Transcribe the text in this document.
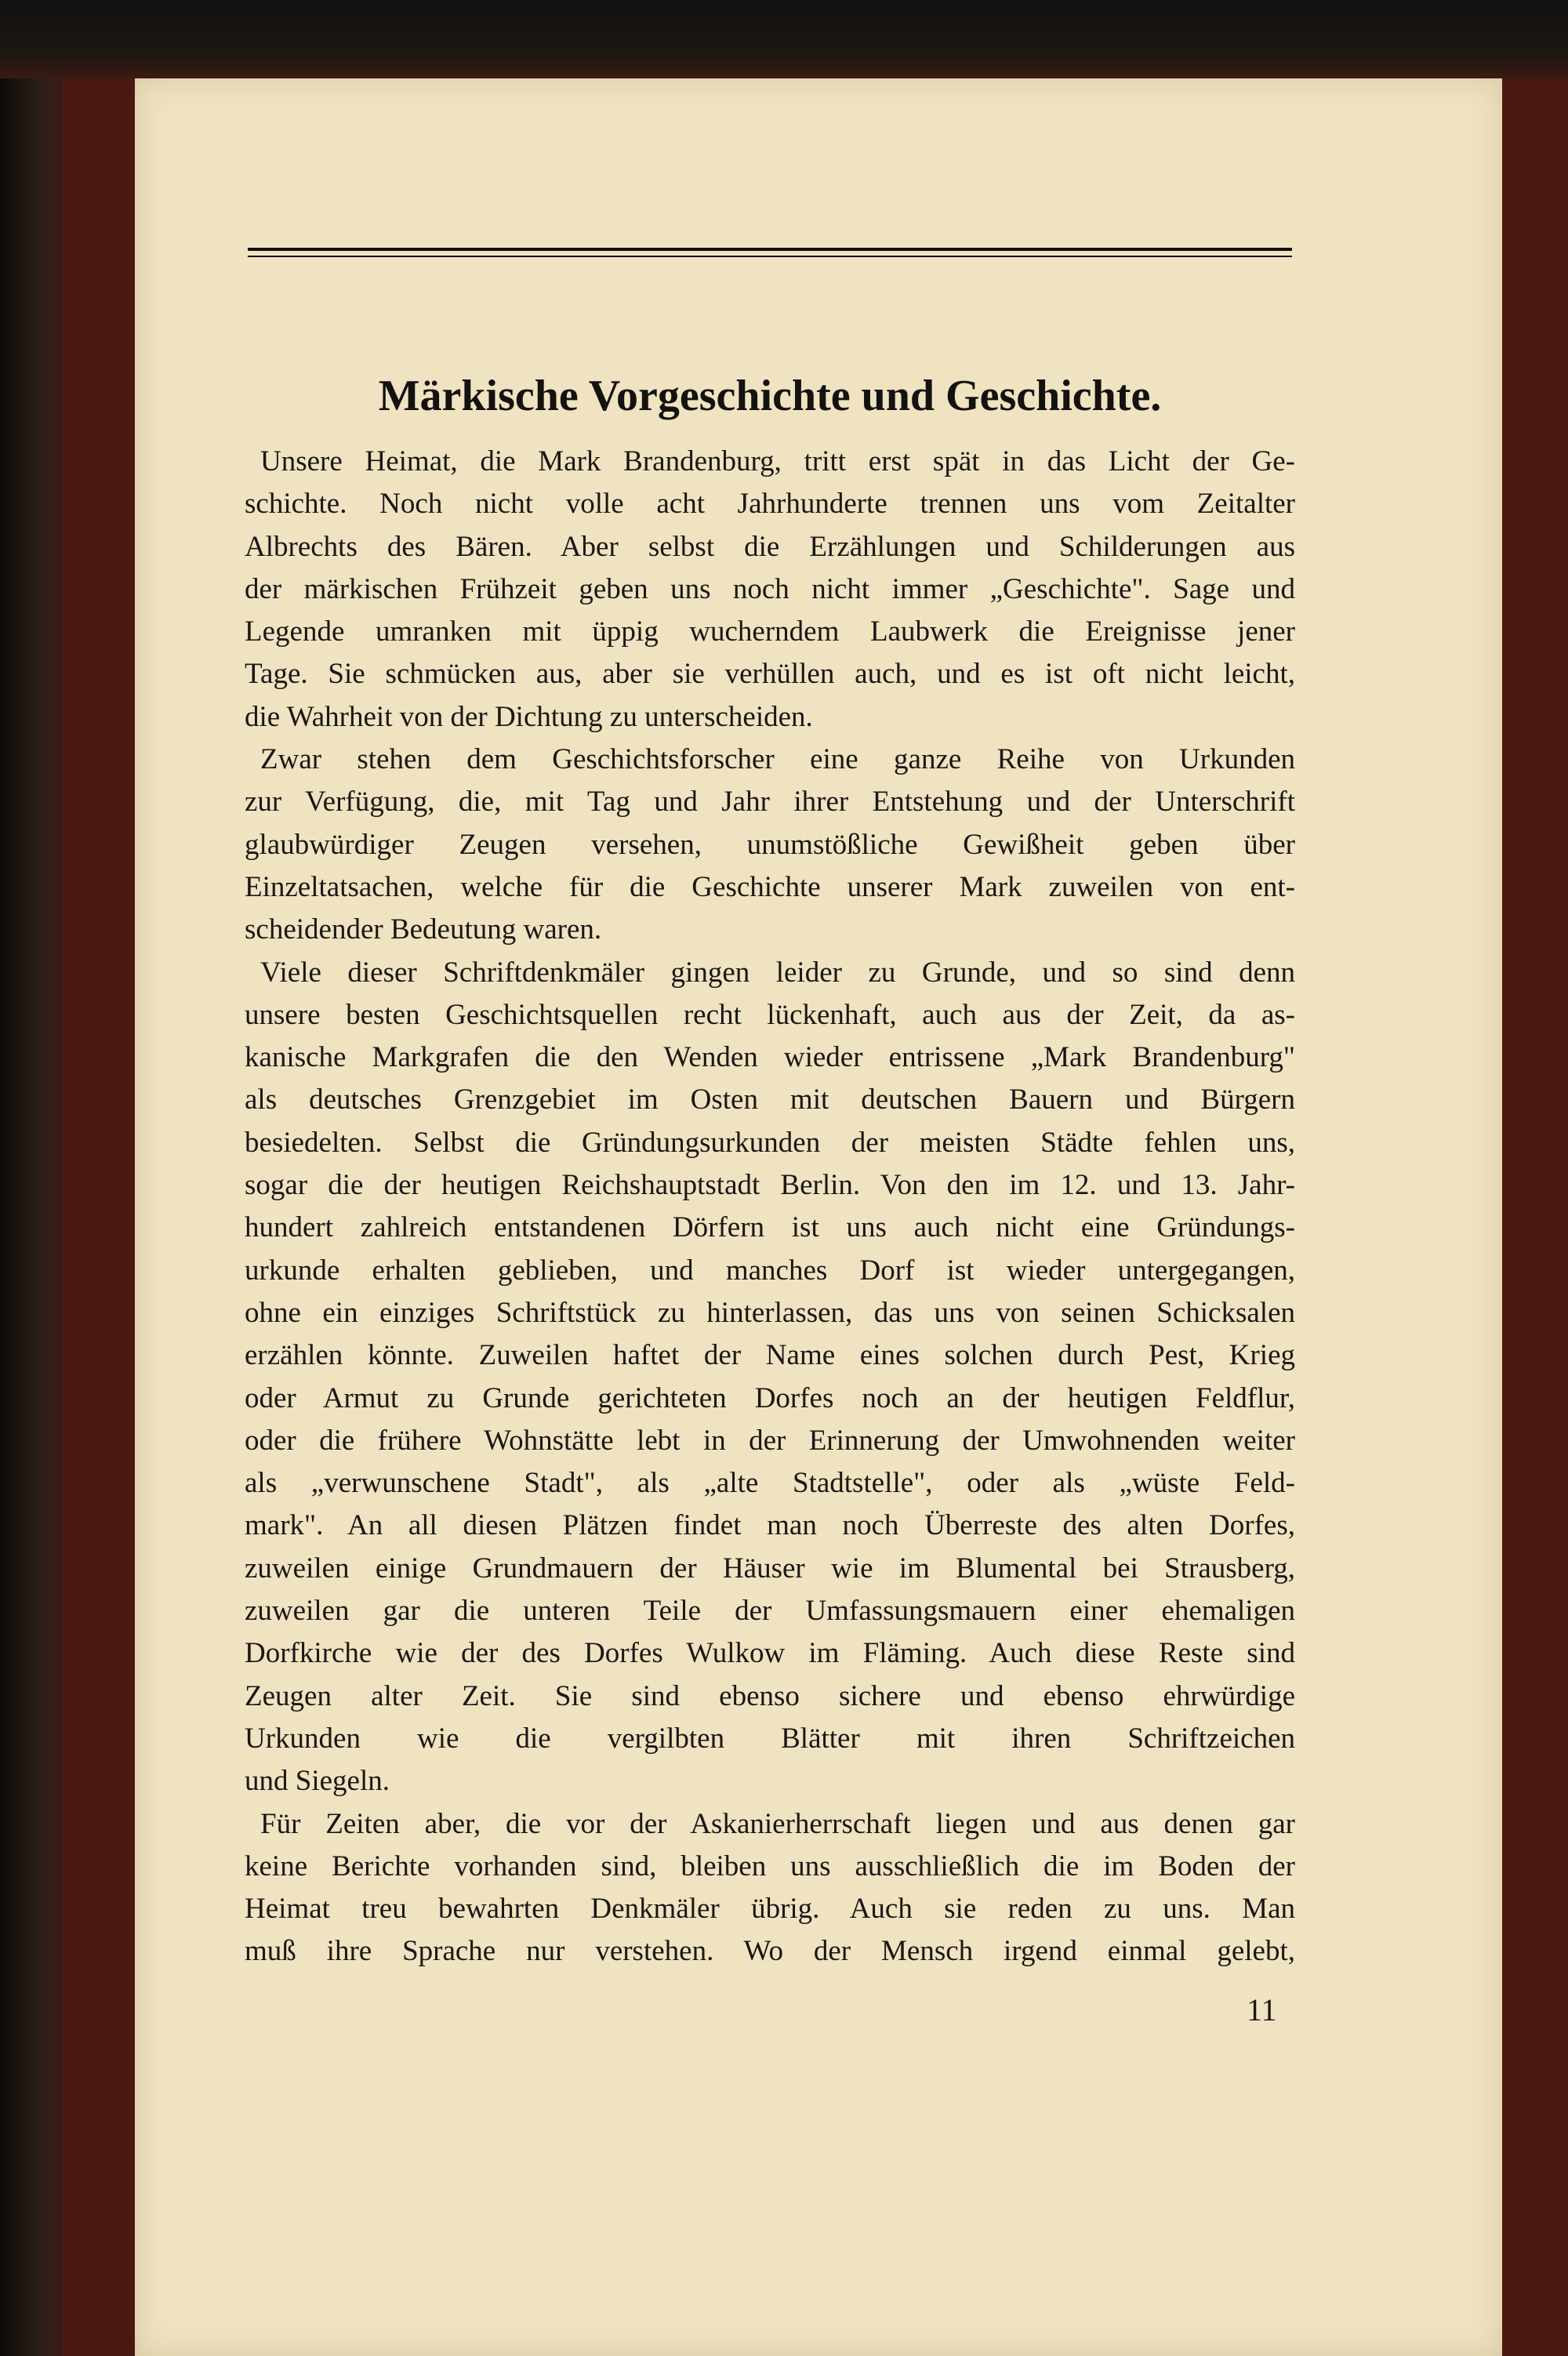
Märkische Vorgeschichte und Geschichte.
Unsere Heimat, die Mark Brandenburg, tritt erst spät in das Licht der Ge-
schichte. Noch nicht volle acht Jahrhunderte trennen uns vom Zeitalter
Albrechts des Bären. Aber selbst die Erzählungen und Schilderungen aus
der märkischen Frühzeit geben uns noch nicht immer „Geschichte". Sage und
Legende umranken mit üppig wucherndem Laubwerk die Ereignisse jener
Tage. Sie schmücken aus, aber sie verhüllen auch, und es ist oft nicht leicht,
die Wahrheit von der Dichtung zu unterscheiden.
Zwar stehen dem Geschichtsforscher eine ganze Reihe von Urkunden
zur Verfügung, die, mit Tag und Jahr ihrer Entstehung und der Unterschrift
glaubwürdiger Zeugen versehen, unumstößliche Gewißheit geben über
Einzeltatsachen, welche für die Geschichte unserer Mark zuweilen von ent-
scheidender Bedeutung waren.
Viele dieser Schriftdenkmäler gingen leider zu Grunde, und so sind denn
unsere besten Geschichtsquellen recht lückenhaft, auch aus der Zeit, da as-
kanische Markgrafen die den Wenden wieder entrissene „Mark Brandenburg"
als deutsches Grenzgebiet im Osten mit deutschen Bauern und Bürgern
besiedelten. Selbst die Gründungsurkunden der meisten Städte fehlen uns,
sogar die der heutigen Reichshauptstadt Berlin. Von den im 12. und 13. Jahr-
hundert zahlreich entstandenen Dörfern ist uns auch nicht eine Gründungs-
urkunde erhalten geblieben, und manches Dorf ist wieder untergegangen,
ohne ein einziges Schriftstück zu hinterlassen, das uns von seinen Schicksalen
erzählen könnte. Zuweilen haftet der Name eines solchen durch Pest, Krieg
oder Armut zu Grunde gerichteten Dorfes noch an der heutigen Feldflur,
oder die frühere Wohnstätte lebt in der Erinnerung der Umwohnenden weiter
als „verwunschene Stadt", als „alte Stadtstelle", oder als „wüste Feld-
mark". An all diesen Plätzen findet man noch Überreste des alten Dorfes,
zuweilen einige Grundmauern der Häuser wie im Blumental bei Strausberg,
zuweilen gar die unteren Teile der Umfassungsmauern einer ehemaligen
Dorfkirche wie der des Dorfes Wulkow im Fläming. Auch diese Reste sind
Zeugen alter Zeit. Sie sind ebenso sichere und ebenso ehrwürdige
Urkunden wie die vergilbten Blätter mit ihren Schriftzeichen
und Siegeln.
Für Zeiten aber, die vor der Askanierherrschaft liegen und aus denen gar
keine Berichte vorhanden sind, bleiben uns ausschließlich die im Boden der
Heimat treu bewahrten Denkmäler übrig. Auch sie reden zu uns. Man
muß ihre Sprache nur verstehen. Wo der Mensch irgend einmal gelebt,
11
